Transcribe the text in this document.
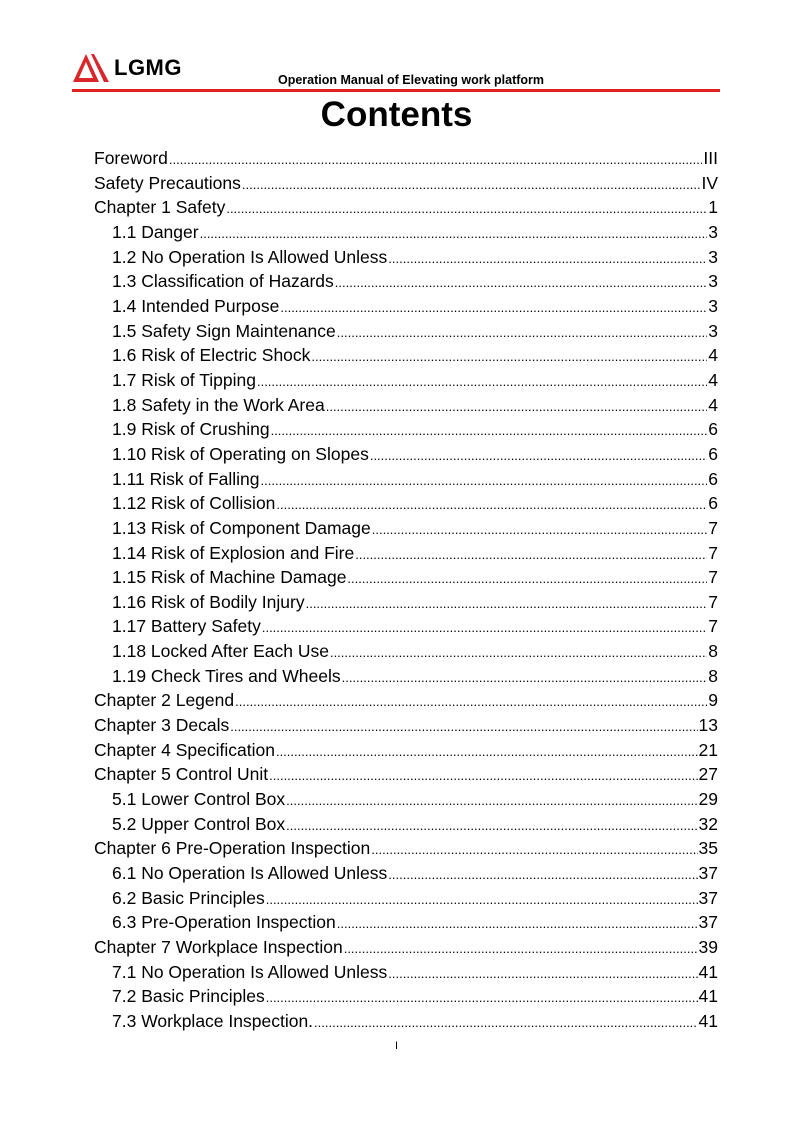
LGMG	Operation Manual of Elevating work platform
Contents
Foreword .....	III
Safety Precautions .....	IV
Chapter 1 Safety .....	1
1.1 Danger .....	3
1.2 No Operation Is Allowed Unless .....	3
1.3 Classification of Hazards .....	3
1.4 Intended Purpose .....	3
1.5 Safety Sign Maintenance .....	3
1.6 Risk of Electric Shock .....	4
1.7 Risk of Tipping .....	4
1.8 Safety in the Work Area .....	4
1.9 Risk of Crushing .....	6
1.10 Risk of Operating on Slopes .....	6
1.11 Risk of Falling .....	6
1.12 Risk of Collision .....	6
1.13 Risk of Component Damage .....	7
1.14 Risk of Explosion and Fire .....	7
1.15 Risk of Machine Damage .....	7
1.16 Risk of Bodily Injury .....	7
1.17 Battery Safety .....	7
1.18 Locked After Each Use .....	8
1.19 Check Tires and Wheels .....	8
Chapter 2 Legend .....	9
Chapter 3 Decals .....	13
Chapter 4 Specification .....	21
Chapter 5 Control Unit .....	27
5.1 Lower Control Box .....	29
5.2 Upper Control Box .....	32
Chapter 6 Pre-Operation Inspection .....	35
6.1 No Operation Is Allowed Unless .....	37
6.2 Basic Principles .....	37
6.3 Pre-Operation Inspection .....	37
Chapter 7 Workplace Inspection .....	39
7.1 No Operation Is Allowed Unless .....	41
7.2 Basic Principles .....	41
7.3 Workplace Inspection. .....	41
I
